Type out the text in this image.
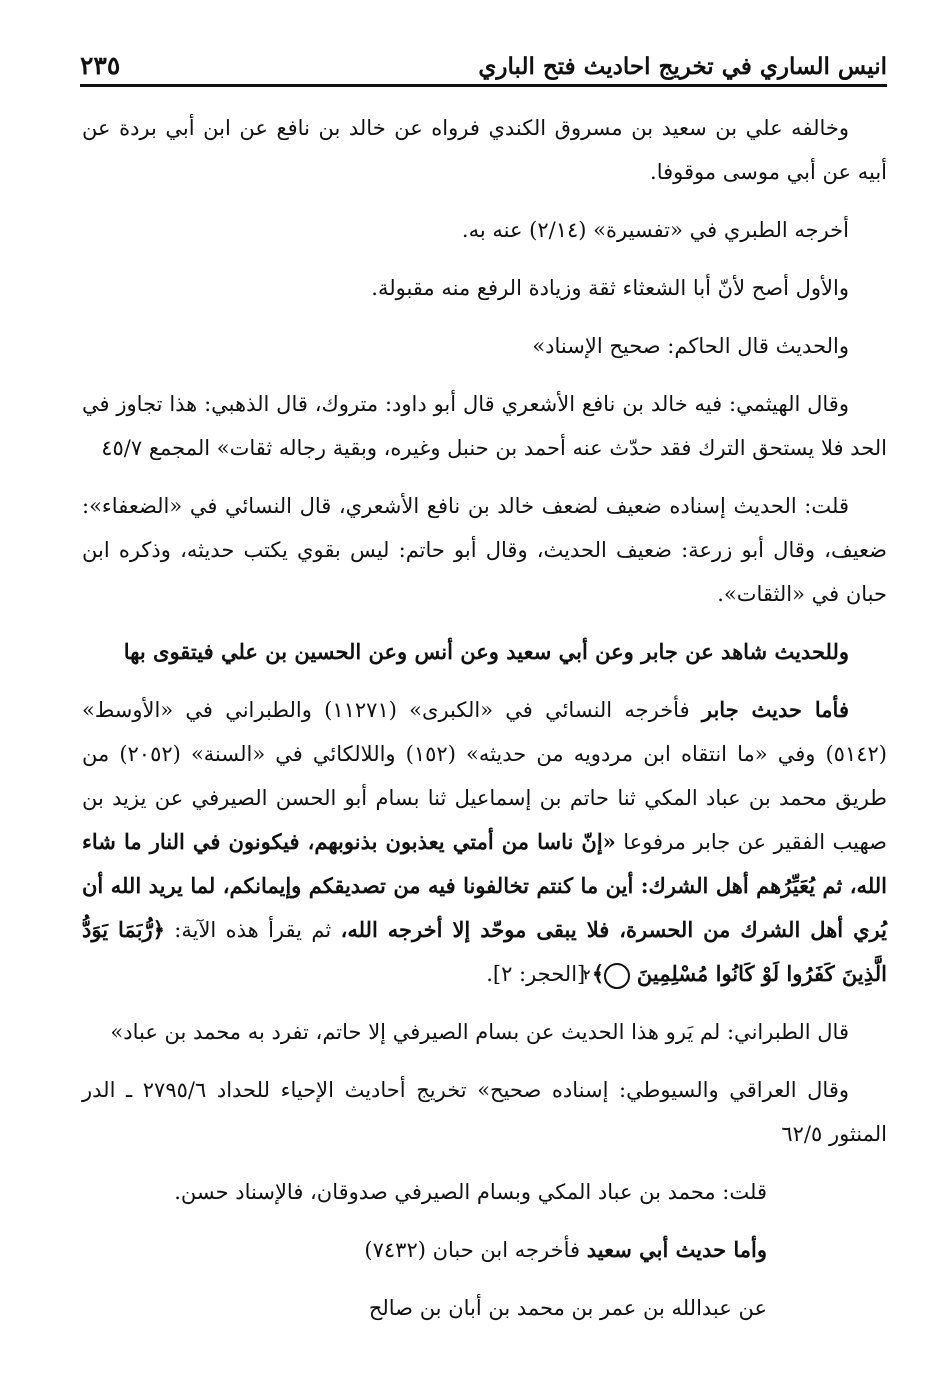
انيس الساري في تخريج احاديث فتح الباري
٢٣٥

وخالفه علي بن سعيد بن مسروق الكندي فرواه عن خالد بن نافع عن ابن أبي بردة عن أبيه عن أبي موسى موقوفا.

أخرجه الطبري في «تفسيرة» (٢/١٤) عنه به.

والأول أصح لأنّ أبا الشعثاء ثقة وزيادة الرفع منه مقبولة.

والحديث قال الحاكم: صحيح الإسناد»

وقال الهيثمي: فيه خالد بن نافع الأشعري قال أبو داود: متروك، قال الذهبي: هذا تجاوز في الحد فلا يستحق الترك فقد حدّث عنه أحمد بن حنبل وغيره، وبقية رجاله ثقات» المجمع ٤٥/٧

قلت: الحديث إسناده ضعيف لضعف خالد بن نافع الأشعري، قال النسائي في «الضعفاء»: ضعيف، وقال أبو زرعة: ضعيف الحديث، وقال أبو حاتم: ليس بقوي يكتب حديثه، وذكره ابن حبان في «الثقات».

وللحديث شاهد عن جابر وعن أبي سعيد وعن أنس وعن الحسين بن علي فيتقوى بها

فأما حديث جابر فأخرجه النسائي في «الكبرى» (١١٢٧١) والطبراني في «الأوسط» (٥١٤٢) وفي «ما انتقاه ابن مردويه من حديثه» (١٥٢) واللالكائي في «السنة» (٢٠٥٢) من طريق محمد بن عباد المكي ثنا حاتم بن إسماعيل ثنا بسام أبو الحسن الصيرفي عن يزيد بن صهيب الفقير عن جابر مرفوعا «إنّ ناسا من أمتي يعذبون بذنوبهم، فيكونون في النار ما شاء الله، ثم يُعَيِّرُهم أهل الشرك: أين ما كنتم تخالفونا فيه من تصديقكم وإيمانكم، لما يريد الله أن يُري أهل الشرك من الحسرة، فلا يبقى موحّد إلا أخرجه الله، ثم يقرأ هذه الآية: ﴿رُّبَمَا يَوَدُّ الَّذِينَ كَفَرُوا لَوْ كَانُوا مُسْلِمِينَ ٢﴾ [الحجر: ٢].

قال الطبراني: لم يَرو هذا الحديث عن بسام الصيرفي إلا حاتم، تفرد به محمد بن عباد»

وقال العراقي والسيوطي: إسناده صحيح» تخريج أحاديث الإحياء للحداد ٢٧٩٥/٦ ـ الدر المنثور ٦٢/٥

قلت: محمد بن عباد المكي وبسام الصيرفي صدوقان، فالإسناد حسن.

وأما حديث أبي سعيد فأخرجه ابن حبان (٧٤٣٢)

عن عبدالله بن عمر بن محمد بن أبان بن صالح
